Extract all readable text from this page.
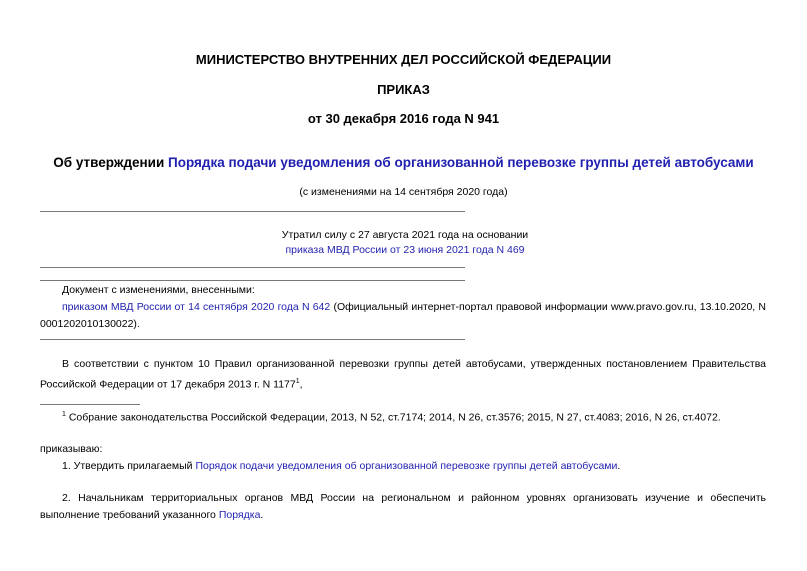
МИНИСТЕРСТВО ВНУТРЕННИХ ДЕЛ РОССИЙСКОЙ ФЕДЕРАЦИИ
ПРИКАЗ
от 30 декабря 2016 года N 941
Об утверждении Порядка подачи уведомления об организованной перевозке группы детей автобусами
(с изменениями на 14 сентября 2020 года)
Утратил силу с 27 августа 2021 года на основании
приказа МВД России от 23 июня 2021 года N 469
Документ с изменениями, внесенными:
приказом МВД России от 14 сентября 2020 года N 642 (Официальный интернет-портал правовой информации www.pravo.gov.ru, 13.10.2020, N 0001202010130022).
В соответствии с пунктом 10 Правил организованной перевозки группы детей автобусами, утвержденных постановлением Правительства Российской Федерации от 17 декабря 2013 г. N 1177$^1$,
$^1$ Собрание законодательства Российской Федерации, 2013, N 52, ст.7174; 2014, N 26, ст.3576; 2015, N 27, ст.4083; 2016, N 26, ст.4072.
приказываю:
1. Утвердить прилагаемый Порядок подачи уведомления об организованной перевозке группы детей автобусами.
2. Начальникам территориальных органов МВД России на региональном и районном уровнях организовать изучение и обеспечить выполнение требований указанного Порядка.
